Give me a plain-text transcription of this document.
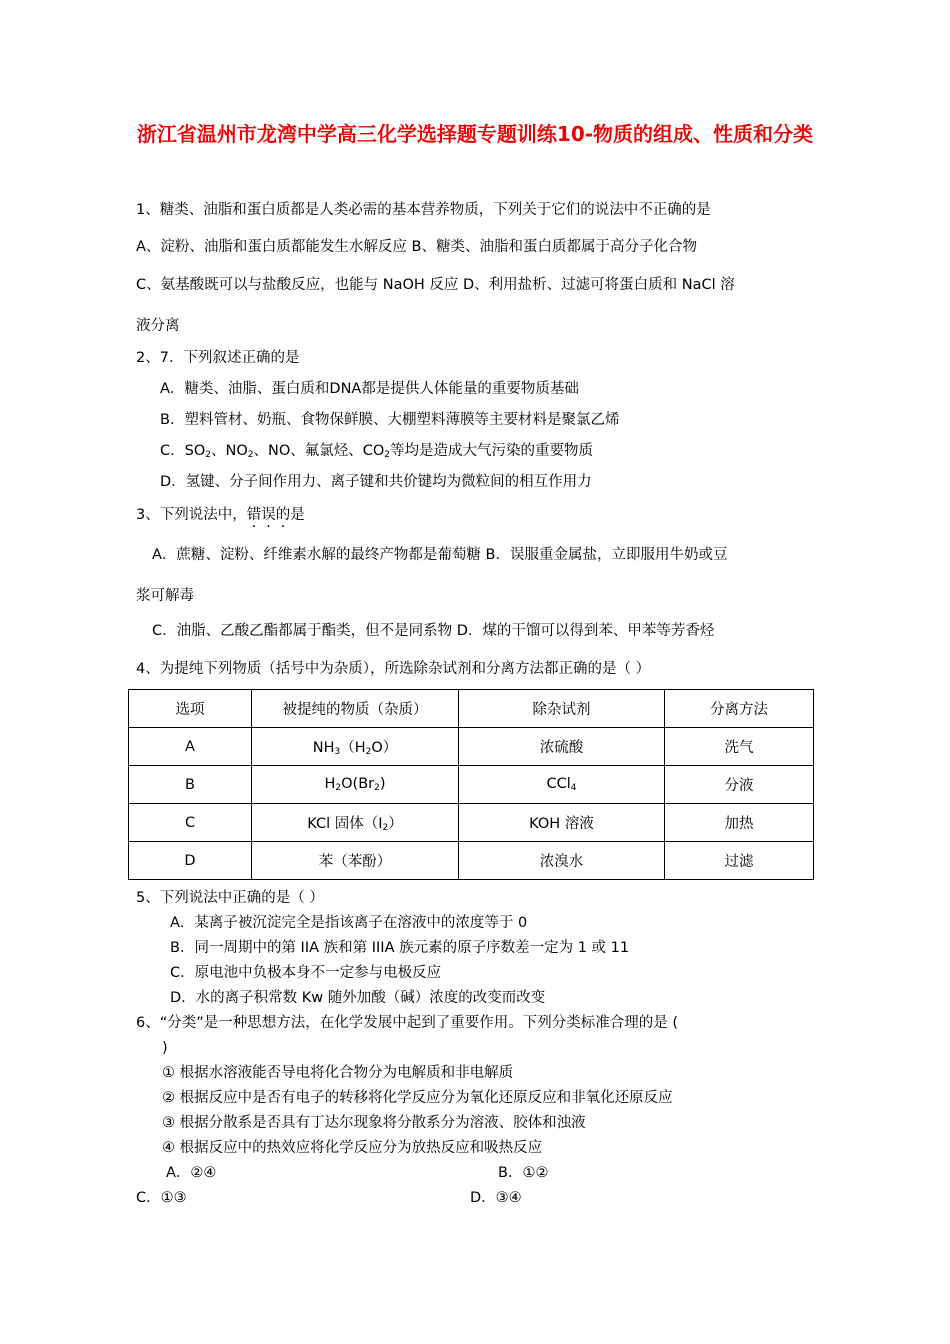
浙江省温州市龙湾中学高三化学选择题专题训练10-物质的组成、性质和分类
1、糖类、油脂和蛋白质都是人类必需的基本营养物质，下列关于它们的说法中不正确的是
A、淀粉、油脂和蛋白质都能发生水解反应 B、糖类、油脂和蛋白质都属于高分子化合物
C、氨基酸既可以与盐酸反应，也能与 NaOH 反应 D、利用盐析、过滤可将蛋白质和 NaCl 溶
液分离
2、7．下列叙述正确的是
A．糖类、油脂、蛋白质和DNA都是提供人体能量的重要物质基础
B．塑料管材、奶瓶、食物保鲜膜、大棚塑料薄膜等主要材料是聚氯乙烯
C．$SO_2$、$NO_2$、NO、氟氯烃、$CO_2$等均是造成大气污染的重要物质
D．氢键、分子间作用力、离子键和共价键均为微粒间的相互作用力
3、下列说法中，错误的是
A．蔗糖、淀粉、纤维素水解的最终产物都是葡萄糖 B．误服重金属盐，立即服用牛奶或豆
浆可解毒
C．油脂、乙酸乙酯都属于酯类，但不是同系物 D．煤的干馏可以得到苯、甲苯等芳香烃
4、为提纯下列物质（括号中为杂质），所选除杂试剂和分离方法都正确的是（ ）
选项	被提纯的物质（杂质）	除杂试剂	分离方法
A	$NH_3(H_2O)$	浓硫酸	洗气
B	$H_2O(Br_2)$	CCl$_4$	分液
C	KCl 固体$(I_2)$	KOH 溶液	加热
D	苯（苯酚）	浓溴水	过滤
5、下列说法中正确的是（ ）
A．某离子被沉淀完全是指该离子在溶液中的浓度等于 0
B．同一周期中的第 IIA 族和第 IIIA 族元素的原子序数差一定为 1 或 11
C．原电池中负极本身不一定参与电极反应
D．水的离子积常数 Kw 随外加酸（碱）浓度的改变而改变
6、“分类”是一种思想方法，在化学发展中起到了重要作用。下列分类标准合理的是 (
)
① 根据水溶液能否导电将化合物分为电解质和非电解质
② 根据反应中是否有电子的转移将化学反应分为氧化还原反应和非氧化还原反应
③ 根据分散系是否具有丁达尔现象将分散系分为溶液、胶体和浊液
④ 根据反应中的热效应将化学反应分为放热反应和吸热反应
A．②④	B．①②
C．①③	D．③④
